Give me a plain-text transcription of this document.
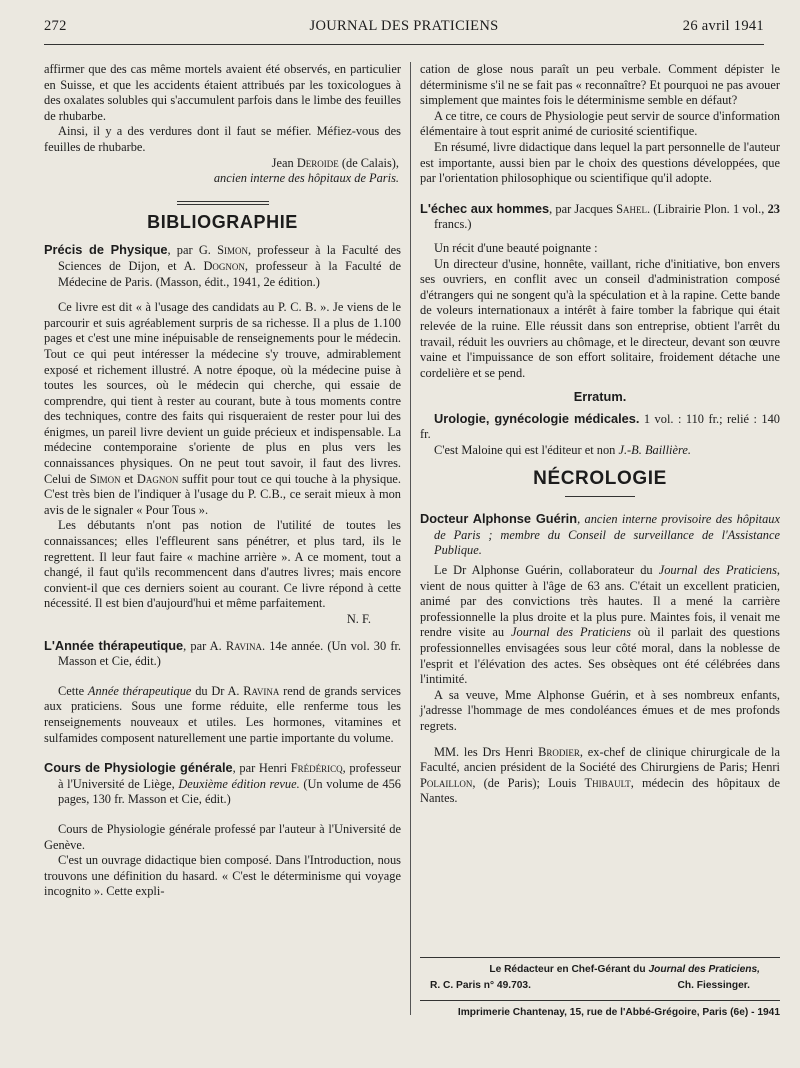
272	JOURNAL DES PRATICIENS	26 avril 1941

affirmer que des cas même mortels avaient été observés, en particulier en Suisse, et que les accidents étaient attribués par les toxicologues à des oxalates solubles qui s'accumulent parfois dans le limbe des feuilles de rhubarbe.

Ainsi, il y a des verdures dont il faut se méfier. Méfiez-vous des feuilles de rhubarbe.

Jean Deroide (de Calais),

ancien interne des hôpitaux de Paris.

BIBLIOGRAPHIE

Précis de Physique, par G. Simon, professeur à la Faculté des Sciences de Dijon, et A. Dognon, professeur à la Faculté de Médecine de Paris. (Masson, édit., 1941, 2e édition.)

Ce livre est dit « à l'usage des candidats au P. C. B. ». Je viens de le parcourir et suis agréablement surpris de sa richesse. Il a plus de 1.100 pages et c'est une mine inépuisable de renseignements pour le médecin. Tout ce qui peut intéresser la médecine s'y trouve, admirablement exposé et richement illustré. A notre époque, où la médecine puise à toutes les sources, où le médecin qui cherche, qui essaie de comprendre, qui tient à rester au courant, bute à tous moments contre des techniques, contre des faits qui risqueraient de rester pour lui des énigmes, un pareil livre devient un guide précieux et indispensable. La médecine contemporaine s'oriente de plus en plus vers les connaissances physiques. On ne peut tout savoir, il faut des livres. Celui de Simon et Dagnon suffit pour tout ce qui touche à la physique. C'est très bien de l'indiquer à l'usage du P. C.B., ce serait mieux à mon avis de le signaler « Pour Tous ».

Les débutants n'ont pas notion de l'utilité de toutes les connaissances; elles l'effleurent sans pénétrer, et plus tard, ils le regrettent. Il leur faut faire « machine arrière ». A ce moment, tout a changé, il faut qu'ils recommencent dans d'autres livres; mais encore convient-il que ces derniers soient au courant. Ce livre répond à cette nécessité. Il est bien d'aujourd'hui et même parfaitement.

N. F.

L'Année thérapeutique, par A. Ravina. 14e année. (Un vol. 30 fr. Masson et Cie, édit.)

Cette Année thérapeutique du Dr A. Ravina rend de grands services aux praticiens. Sous une forme réduite, elle renferme tous les renseignements nouveaux et utiles. Les hormones, vitamines et sulfamides composent naturellement une partie importante du volume.

Cours de Physiologie générale, par Henri Frédéricq, professeur à l'Université de Liège, Deuxième édition revue. (Un volume de 456 pages, 130 fr. Masson et Cie, édit.)

Cours de Physiologie générale professé par l'auteur à l'Université de Genève.

C'est un ouvrage didactique bien composé. Dans l'Introduction, nous trouvons une définition du hasard. « C'est le déterminisme qui voyage incognito ». Cette expli-

cation de glose nous paraît un peu verbale. Comment dépister le déterminisme s'il ne se fait pas « reconnaître? Et pourquoi ne pas avouer simplement que maintes fois le déterminisme semble en défaut?

A ce titre, ce cours de Physiologie peut servir de source d'information élémentaire à tout esprit animé de curiosité scientifique.

En résumé, livre didactique dans lequel la part personnelle de l'auteur est importante, aussi bien par le choix des questions développées, que par l'orientation philosophique ou scientifique qu'il adopte.

L'échec aux hommes, par Jacques Sahel. (Librairie Plon. 1 vol., 23 francs.)

Un récit d'une beauté poignante :

Un directeur d'usine, honnête, vaillant, riche d'initiative, bon envers ses ouvriers, en conflit avec un conseil d'administration composé d'étrangers qui ne songent qu'à la spéculation et à la rapine. Cette bande de voleurs internationaux a intérêt à faire tomber la fabrique qui était relevée de la ruine. Elle réussit dans son entreprise, obtient l'arrêt du travail, réduit les ouvriers au chômage, et le directeur, devant son œuvre vaine et l'impuissance de son effort solitaire, froidement détache une cordelière et se pend.

Erratum.

Urologie, gynécologie médicales. 1 vol. : 110 fr.; relié : 140 fr.

C'est Maloine qui est l'éditeur et non J.-B. Baillière.

NÉCROLOGIE

Docteur Alphonse Guérin, ancien interne provisoire des hôpitaux de Paris ; membre du Conseil de surveillance de l'Assistance Publique.

Le Dr Alphonse Guérin, collaborateur du Journal des Praticiens, vient de nous quitter à l'âge de 63 ans. C'était un excellent praticien, animé par des convictions très hautes. Il a mené la carrière professionnelle la plus droite et la plus pure. Maintes fois, il venait me rendre visite au Journal des Praticiens où il parlait des questions professionnelles envisagées sous leur côté moral, dans la noblesse de l'esprit et l'élévation des actes. Ses obsèques ont été célébrées dans l'intimité.

A sa veuve, Mme Alphonse Guérin, et à ses nombreux enfants, j'adresse l'hommage de mes condoléances émues et de mes profonds regrets.

MM. les Drs Henri Brodier, ex-chef de clinique chirurgicale de la Faculté, ancien président de la Société des Chirurgiens de Paris; Henri Polaillon, (de Paris); Louis Thibault, médecin des hôpitaux de Nantes.

Le Rédacteur en Chef-Gérant du Journal des Praticiens,
R. C. Paris n° 49.703.	Ch. Fiessinger.
Imprimerie Chantenay, 15, rue de l'Abbé-Grégoire, Paris (6e) - 1941
